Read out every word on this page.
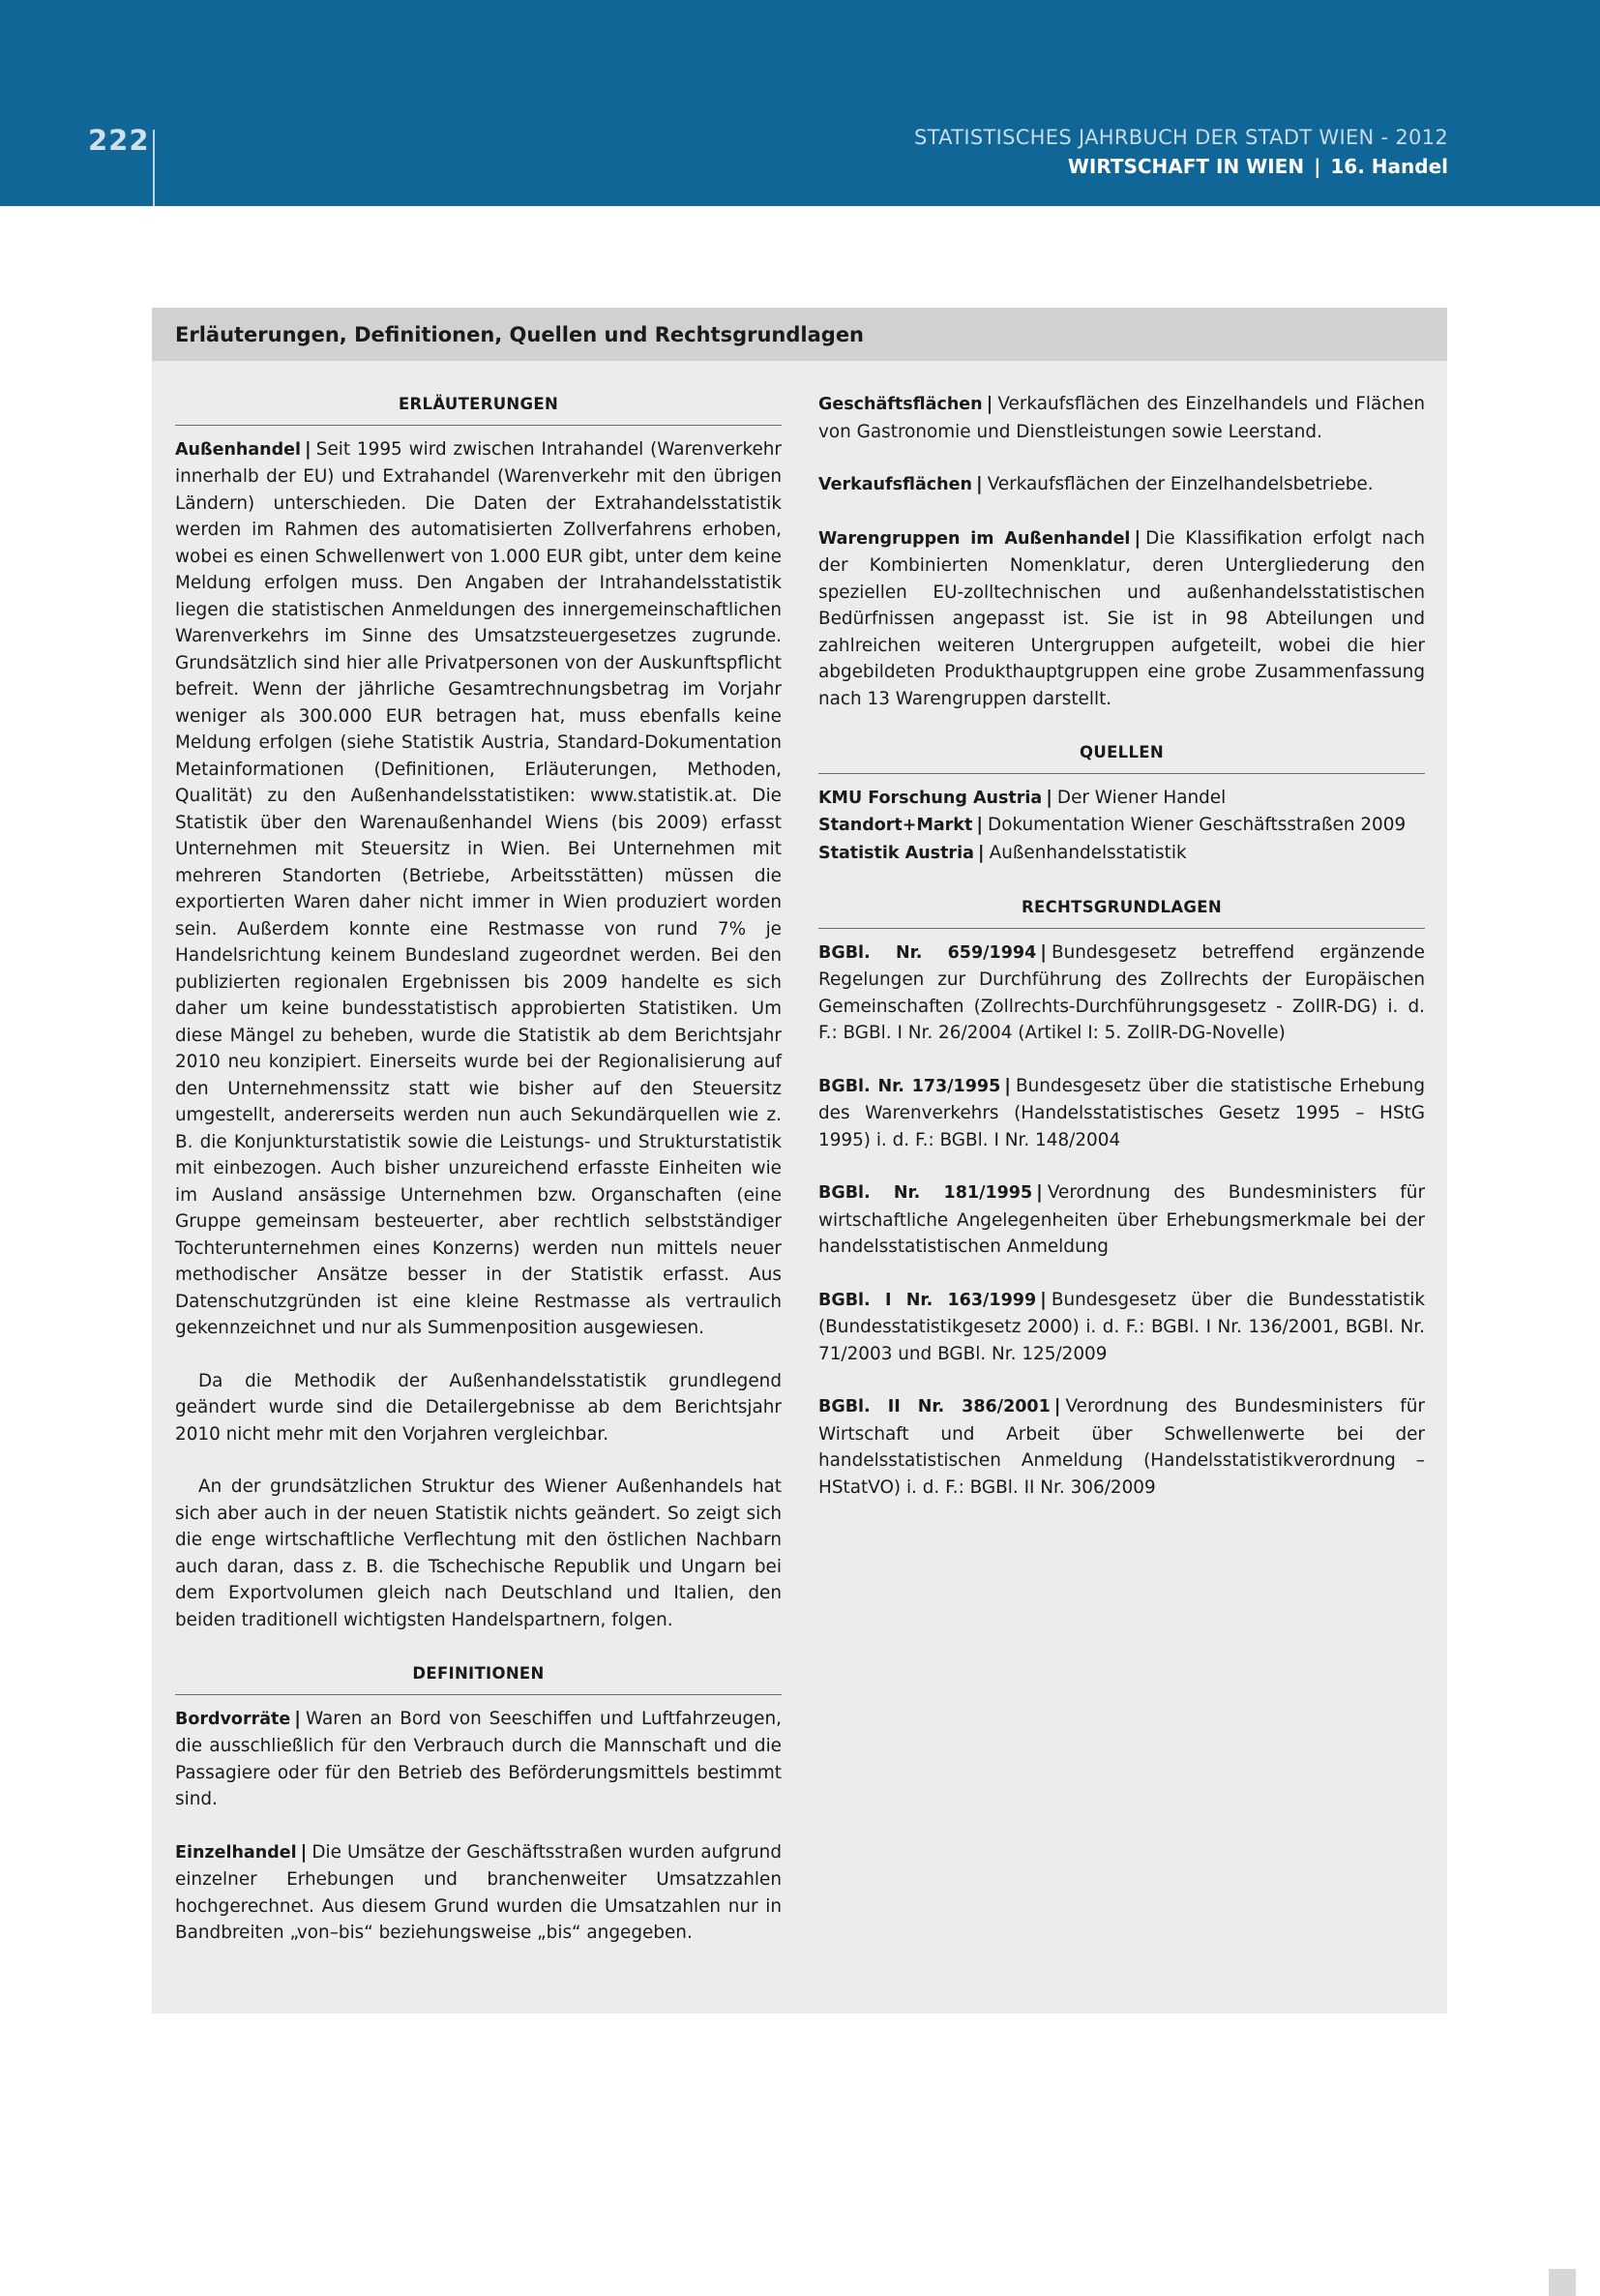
222	STATISTISCHES JAHRBUCH DER STADT WIEN - 2012
WIRTSCHAFT IN WIEN | 16. Handel
Erläuterungen, Definitionen, Quellen und Rechtsgrundlagen
ERLÄUTERUNGEN
Außenhandel | Seit 1995 wird zwischen Intrahandel (Warenverkehr innerhalb der EU) und Extrahandel (Warenverkehr mit den übrigen Ländern) unterschieden. Die Daten der Extrahandelsstatistik werden im Rahmen des automatisierten Zollverfahrens erhoben, wobei es einen Schwellenwert von 1.000 EUR gibt, unter dem keine Meldung erfolgen muss. Den Angaben der Intrahandelsstatistik liegen die statistischen Anmeldungen des innergemeinschaftlichen Warenverkehrs im Sinne des Umsatzsteuergesetzes zugrunde. Grundsätzlich sind hier alle Privatpersonen von der Auskunftspflicht befreit. Wenn der jährliche Gesamtrechnungsbetrag im Vorjahr weniger als 300.000 EUR betragen hat, muss ebenfalls keine Meldung erfolgen (siehe Statistik Austria, Standard-Dokumentation Metainformationen (Definitionen, Erläuterungen, Methoden, Qualität) zu den Außenhandelsstatistiken: www.statistik.at. Die Statistik über den Warenaußenhandel Wiens (bis 2009) erfasst Unternehmen mit Steuersitz in Wien. Bei Unternehmen mit mehreren Standorten (Betriebe, Arbeitsstätten) müssen die exportierten Waren daher nicht immer in Wien produziert worden sein. Außerdem konnte eine Restmasse von rund 7% je Handelsrichtung keinem Bundesland zugeordnet werden. Bei den publizierten regionalen Ergebnissen bis 2009 handelte es sich daher um keine bundesstatistisch approbierten Statistiken. Um diese Mängel zu beheben, wurde die Statistik ab dem Berichtsjahr 2010 neu konzipiert. Einerseits wurde bei der Regionalisierung auf den Unternehmenssitz statt wie bisher auf den Steuersitz umgestellt, andererseits werden nun auch Sekundärquellen wie z. B. die Konjunkturstatistik sowie die Leistungs- und Strukturstatistik mit einbezogen. Auch bisher unzureichend erfasste Einheiten wie im Ausland ansässige Unternehmen bzw. Organschaften (eine Gruppe gemeinsam besteuerter, aber rechtlich selbstständiger Tochterunternehmen eines Konzerns) werden nun mittels neuer methodischer Ansätze besser in der Statistik erfasst. Aus Datenschutzgründen ist eine kleine Restmasse als vertraulich gekennzeichnet und nur als Summenposition ausgewiesen.
Da die Methodik der Außenhandelsstatistik grundlegend geändert wurde sind die Detailergebnisse ab dem Berichtsjahr 2010 nicht mehr mit den Vorjahren vergleichbar.
An der grundsätzlichen Struktur des Wiener Außenhandels hat sich aber auch in der neuen Statistik nichts geändert. So zeigt sich die enge wirtschaftliche Verflechtung mit den östlichen Nachbarn auch daran, dass z. B. die Tschechische Republik und Ungarn bei dem Exportvolumen gleich nach Deutschland und Italien, den beiden traditionell wichtigsten Handelspartnern, folgen.
DEFINITIONEN
Bordvorräte | Waren an Bord von Seeschiffen und Luftfahrzeugen, die ausschließlich für den Verbrauch durch die Mannschaft und die Passagiere oder für den Betrieb des Beförderungsmittels bestimmt sind.
Einzelhandel | Die Umsätze der Geschäftsstraßen wurden aufgrund einzelner Erhebungen und branchenweiter Umsatzzahlen hochgerechnet. Aus diesem Grund wurden die Umsatzahlen nur in Bandbreiten „von–bis“ beziehungsweise „bis“ angegeben.
Geschäftsflächen | Verkaufsflächen des Einzelhandels und Flächen von Gastronomie und Dienstleistungen sowie Leerstand.
Verkaufsflächen | Verkaufsflächen der Einzelhandelsbetriebe.
Warengruppen im Außenhandel | Die Klassifikation erfolgt nach der Kombinierten Nomenklatur, deren Untergliederung den speziellen EU-zolltechnischen und außenhandelsstatistischen Bedürfnissen angepasst ist. Sie ist in 98 Abteilungen und zahlreichen weiteren Untergruppen aufgeteilt, wobei die hier abgebildeten Produkthauptgruppen eine grobe Zusammenfassung nach 13 Warengruppen darstellt.
QUELLEN
KMU Forschung Austria | Der Wiener Handel
Standort+Markt | Dokumentation Wiener Geschäftsstraßen 2009
Statistik Austria | Außenhandelsstatistik
RECHTSGRUNDLAGEN
BGBl. Nr. 659/1994 | Bundesgesetz betreffend ergänzende Regelungen zur Durchführung des Zollrechts der Europäischen Gemeinschaften (Zollrechts-Durchführungsgesetz - ZollR-DG) i. d. F.: BGBl. I Nr. 26/2004 (Artikel I: 5. ZollR-DG-Novelle)
BGBl. Nr. 173/1995 | Bundesgesetz über die statistische Erhebung des Warenverkehrs (Handelsstatistisches Gesetz 1995 – HStG 1995) i. d. F.: BGBl. I Nr. 148/2004
BGBl. Nr. 181/1995 | Verordnung des Bundesministers für wirtschaftliche Angelegenheiten über Erhebungsmerkmale bei der handelsstatistischen Anmeldung
BGBl. I Nr. 163/1999 | Bundesgesetz über die Bundesstatistik (Bundesstatistikgesetz 2000) i. d. F.: BGBl. I Nr. 136/2001, BGBl. Nr. 71/2003 und BGBl. Nr. 125/2009
BGBl. II Nr. 386/2001 | Verordnung des Bundesministers für Wirtschaft und Arbeit über Schwellenwerte bei der handelsstatistischen Anmeldung (Handelsstatistikverordnung – HStatVO) i. d. F.: BGBl. II Nr. 306/2009
